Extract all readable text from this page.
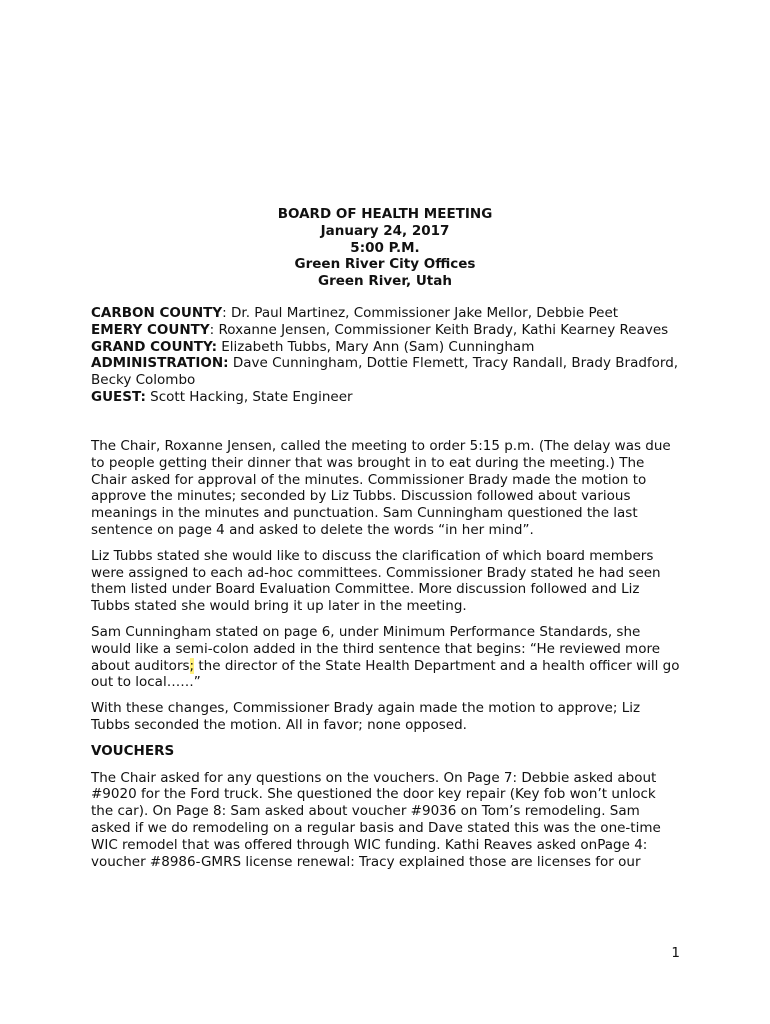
BOARD OF HEALTH MEETING
January 24, 2017
5:00 P.M.
Green River City Offices
Green River, Utah

CARBON COUNTY: Dr. Paul Martinez, Commissioner Jake Mellor, Debbie Peet

EMERY COUNTY: Roxanne Jensen, Commissioner Keith Brady, Kathi Kearney Reaves

GRAND COUNTY: Elizabeth Tubbs, Mary Ann (Sam) Cunningham

ADMINISTRATION: Dave Cunningham, Dottie Flemett, Tracy Randall, Brady Bradford, Becky Colombo

GUEST: Scott Hacking, State Engineer

The Chair, Roxanne Jensen, called the meeting to order 5:15 p.m. (The delay was due to people getting their dinner that was brought in to eat during the meeting.) The Chair asked for approval of the minutes. Commissioner Brady made the motion to approve the minutes; seconded by Liz Tubbs. Discussion followed about various meanings in the minutes and punctuation. Sam Cunningham questioned the last sentence on page 4 and asked to delete the words “in her mind”.

Liz Tubbs stated she would like to discuss the clarification of which board members were assigned to each ad-hoc committees. Commissioner Brady stated he had seen them listed under Board Evaluation Committee. More discussion followed and Liz Tubbs stated she would bring it up later in the meeting.

Sam Cunningham stated on page 6, under Minimum Performance Standards, she would like a semi-colon added in the third sentence that begins: “He reviewed more about auditors; the director of the State Health Department and a health officer will go out to local……”

With these changes, Commissioner Brady again made the motion to approve; Liz Tubbs seconded the motion. All in favor; none opposed.

VOUCHERS

The Chair asked for any questions on the vouchers. On Page 7: Debbie asked about #9020 for the Ford truck. She questioned the door key repair (Key fob won’t unlock the car). On Page 8: Sam asked about voucher #9036 on Tom’s remodeling. Sam asked if we do remodeling on a regular basis and Dave stated this was the one-time WIC remodel that was offered through WIC funding. Kathi Reaves asked onPage 4: voucher #8986-GMRS license renewal: Tracy explained those are licenses for our

1
